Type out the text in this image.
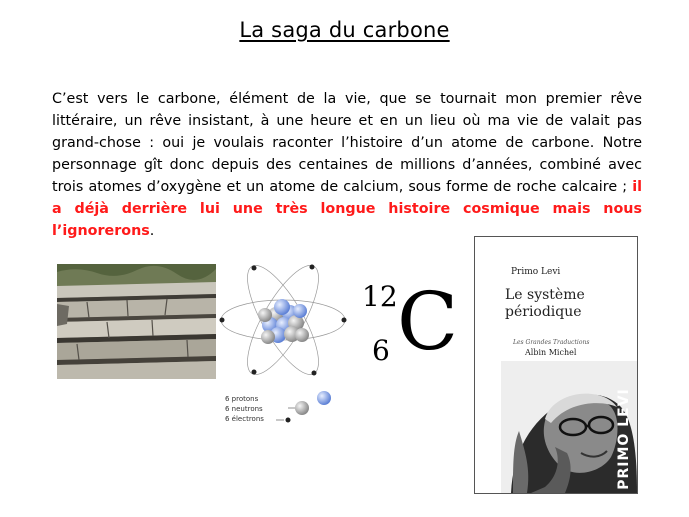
La saga du carbone
C’est vers le carbone, élément de la vie, que se tournait mon premier rêve littéraire, un rêve insistant, à une heure et en un lieu où ma vie de valait pas grand-chose : oui je voulais raconter l’histoire d’un atome de carbone. Notre personnage gît donc depuis des centaines de millions d’années, combiné avec trois atomes d’oxygène et un atome de calcium, sous forme de roche calcaire ; il a déjà derrière lui une très longue histoire cosmique mais nous l’ignorerons.
6 protons
6 neutrons
6 électrons
12
6 C
Primo Levi
Le système
périodique
Les Grandes Traductions
Albin Michel
PRIMO LEVI
